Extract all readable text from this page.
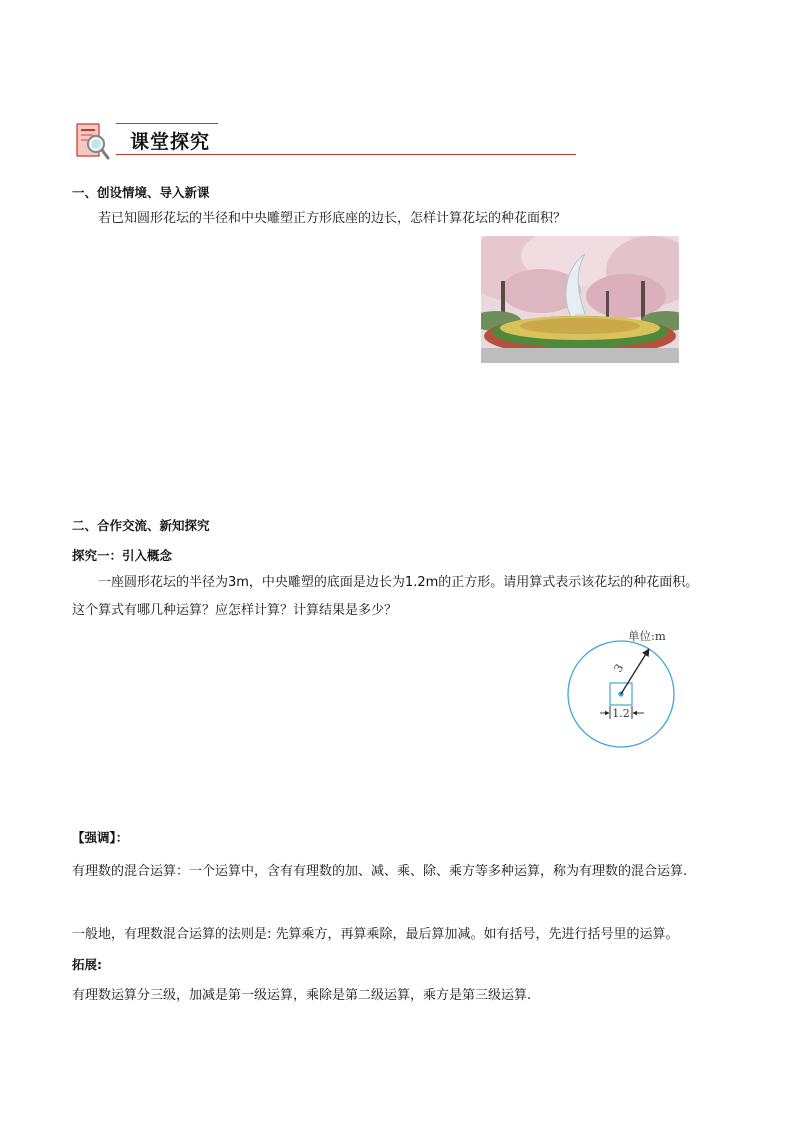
课堂探究
一、创设情境、导入新课
若已知圆形花坛的半径和中央雕塑正方形底座的边长，怎样计算花坛的种花面积？
二、合作交流、新知探究
探究一：引入概念
一座圆形花坛的半径为3m，中央雕塑的底面是边长为1.2m的正方形。请用算式表示该花坛的种花面积。
这个算式有哪几种运算？应怎样计算？计算结果是多少？
单位:m
3
1.2
【强调】：
有理数的混合运算：一个运算中，含有有理数的加、减、乘、除、乘方等多种运算，称为有理数的混合运算.
一般地，有理数混合运算的法则是: 先算乘方，再算乘除，最后算加减。如有括号，先进行括号里的运算。
拓展:
有理数运算分三级，加减是第一级运算，乘除是第二级运算，乘方是第三级运算.
